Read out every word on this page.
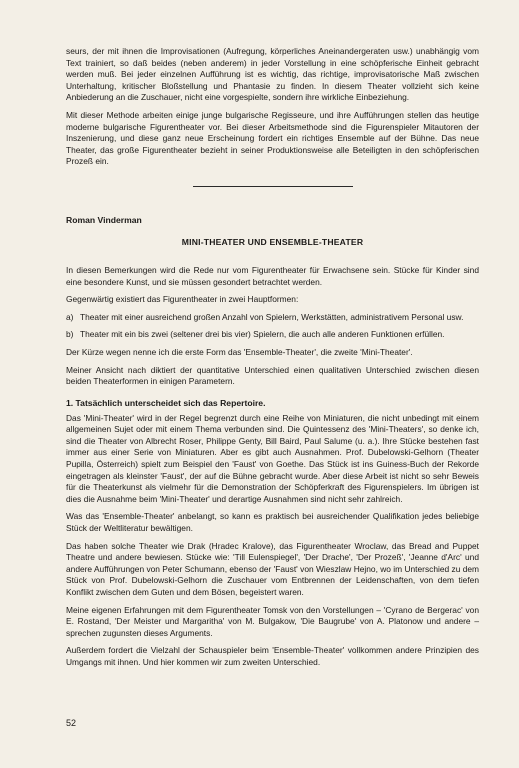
seurs, der mit ihnen die Improvisationen (Aufregung, körperliches Aneinandergeraten usw.) unabhängig vom Text trainiert, so daß beides (neben anderem) in jeder Vorstellung in eine schöpferische Einheit gebracht werden muß. Bei jeder einzelnen Aufführung ist es wichtig, das richtige, improvisatorische Maß zwischen Unterhaltung, kritischer Bloßstellung und Phantasie zu finden. In diesem Theater vollzieht sich keine Anbiederung an die Zuschauer, nicht eine vorgespielte, sondern ihre wirkliche Einbeziehung.

Mit dieser Methode arbeiten einige junge bulgarische Regisseure, und ihre Aufführungen stellen das heutige moderne bulgarische Figurentheater vor. Bei dieser Arbeitsmethode sind die Figurenspieler Mitautoren der Inszenierung, und diese ganz neue Erscheinung fordert ein richtiges Ensemble auf der Bühne. Das neue Theater, das große Figurentheater bezieht in seiner Produktionsweise alle Beteiligten in den schöpferischen Prozeß ein.

Roman Vinderman
MINI-THEATER UND ENSEMBLE-THEATER

In diesen Bemerkungen wird die Rede nur vom Figurentheater für Erwachsene sein. Stücke für Kinder sind eine besondere Kunst, und sie müssen gesondert betrachtet werden.

Gegenwärtig existiert das Figurentheater in zwei Hauptformen:

a) Theater mit einer ausreichend großen Anzahl von Spielern, Werkstätten, administrativem Personal usw.
b) Theater mit ein bis zwei (seltener drei bis vier) Spielern, die auch alle anderen Funktionen erfüllen.

Der Kürze wegen nenne ich die erste Form das 'Ensemble-Theater', die zweite 'Mini-Theater'.

Meiner Ansicht nach diktiert der quantitative Unterschied einen qualitativen Unterschied zwischen diesen beiden Theaterformen in einigen Parametern.

1. Tatsächlich unterscheidet sich das Repertoire.

Das 'Mini-Theater' wird in der Regel begrenzt durch eine Reihe von Miniaturen, die nicht unbedingt mit einem allgemeinen Sujet oder mit einem Thema verbunden sind. Die Quintessenz des 'Mini-Theaters', so denke ich, sind die Theater von Albrecht Roser, Philippe Genty, Bill Baird, Paul Salume (u. a.). Ihre Stücke bestehen fast immer aus einer Serie von Miniaturen. Aber es gibt auch Ausnahmen. Prof. Dubelowski-Gelhorn (Theater Pupilla, Österreich) spielt zum Beispiel den 'Faust' von Goethe. Das Stück ist ins Guiness-Buch der Rekorde eingetragen als kleinster 'Faust', der auf die Bühne gebracht wurde. Aber diese Arbeit ist nicht so sehr Beweis für die Theaterkunst als vielmehr für die Demonstration der Schöpferkraft des Figurenspielers. Im übrigen ist dies die Ausnahme beim 'Mini-Theater' und derartige Ausnahmen sind nicht sehr zahlreich.

Was das 'Ensemble-Theater' anbelangt, so kann es praktisch bei ausreichender Qualifikation jedes beliebige Stück der Weltliteratur bewältigen.

Das haben solche Theater wie Drak (Hradec Kralove), das Figurentheater Wroclaw, das Bread and Puppet Theatre und andere bewiesen. Stücke wie: 'Till Eulenspiegel', 'Der Drache', 'Der Prozeß', 'Jeanne d'Arc' und andere Aufführungen von Peter Schumann, ebenso der 'Faust' von Wieszlaw Hejno, wo im Unterschied zu dem Stück von Prof. Dubelowski-Gelhorn die Zuschauer vom Entbrennen der Leidenschaften, von dem tiefen Konflikt zwischen dem Guten und dem Bösen, begeistert waren.

Meine eigenen Erfahrungen mit dem Figurentheater Tomsk von den Vorstellungen – 'Cyrano de Bergerac' von E. Rostand, 'Der Meister und Margaritha' von M. Bulgakow, 'Die Baugrube' von A. Platonow und andere – sprechen zugunsten dieses Arguments.

Außerdem fordert die Vielzahl der Schauspieler beim 'Ensemble-Theater' vollkommen andere Prinzipien des Umgangs mit ihnen. Und hier kommen wir zum zweiten Unterschied.

52
